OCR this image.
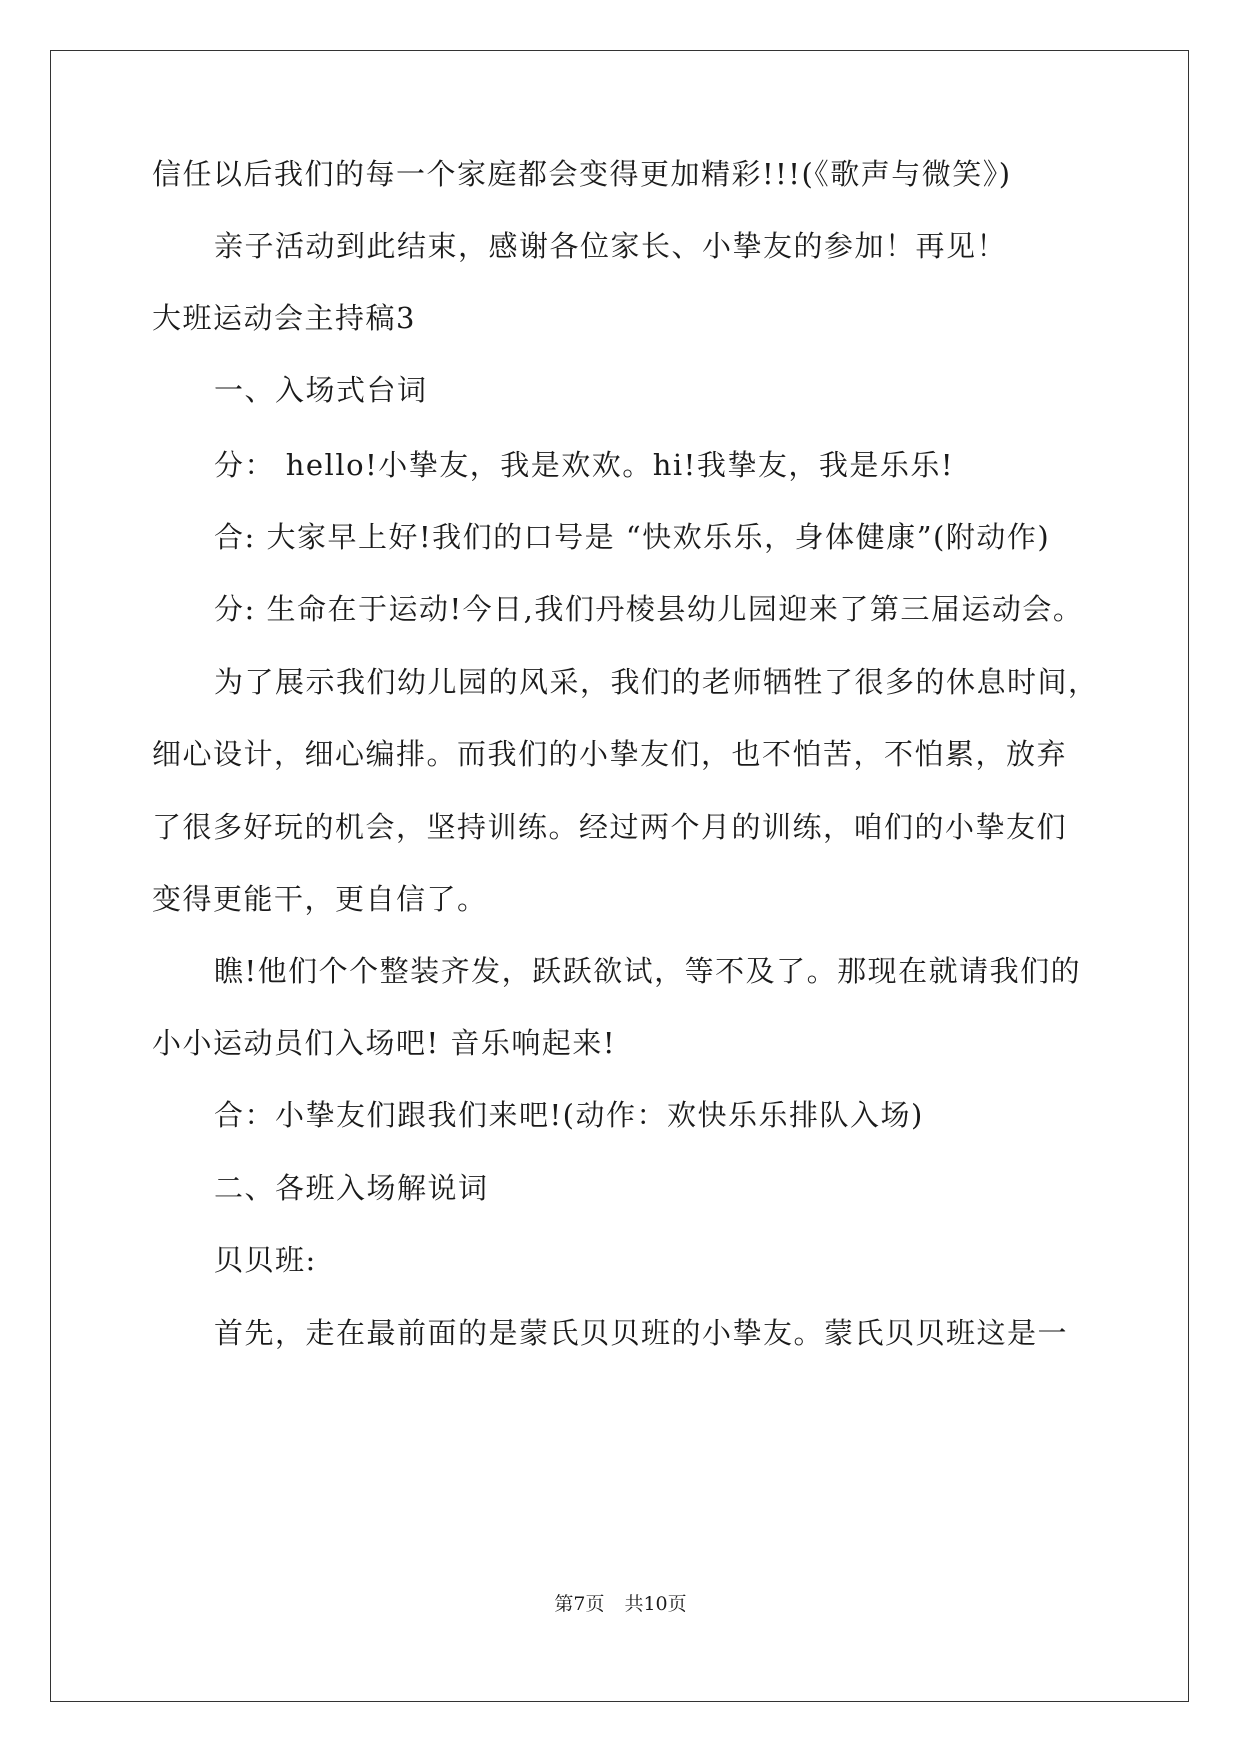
信任以后我们的每一个家庭都会变得更加精彩!!!(《歌声与微笑》)
亲子活动到此结束，感谢各位家长、小挚友的参加！再见！
大班运动会主持稿3
一、入场式台词
分： hello!小挚友，我是欢欢。hi!我挚友，我是乐乐!
合: 大家早上好!我们的口号是 “快欢乐乐，身体健康”(附动作)
分: 生命在于运动!今日,我们丹棱县幼儿园迎来了第三届运动会。
为了展示我们幼儿园的风采，我们的老师牺牲了很多的休息时间，
细心设计，细心编排。而我们的小挚友们，也不怕苦，不怕累，放弃
了很多好玩的机会，坚持训练。经过两个月的训练，咱们的小挚友们
变得更能干，更自信了。
瞧!他们个个整装齐发，跃跃欲试，等不及了。那现在就请我们的
小小运动员们入场吧! 音乐响起来!
合：小挚友们跟我们来吧!(动作：欢快乐乐排队入场)
二、各班入场解说词
贝贝班:
首先，走在最前面的是蒙氏贝贝班的小挚友。蒙氏贝贝班这是一
第7页 共10页
